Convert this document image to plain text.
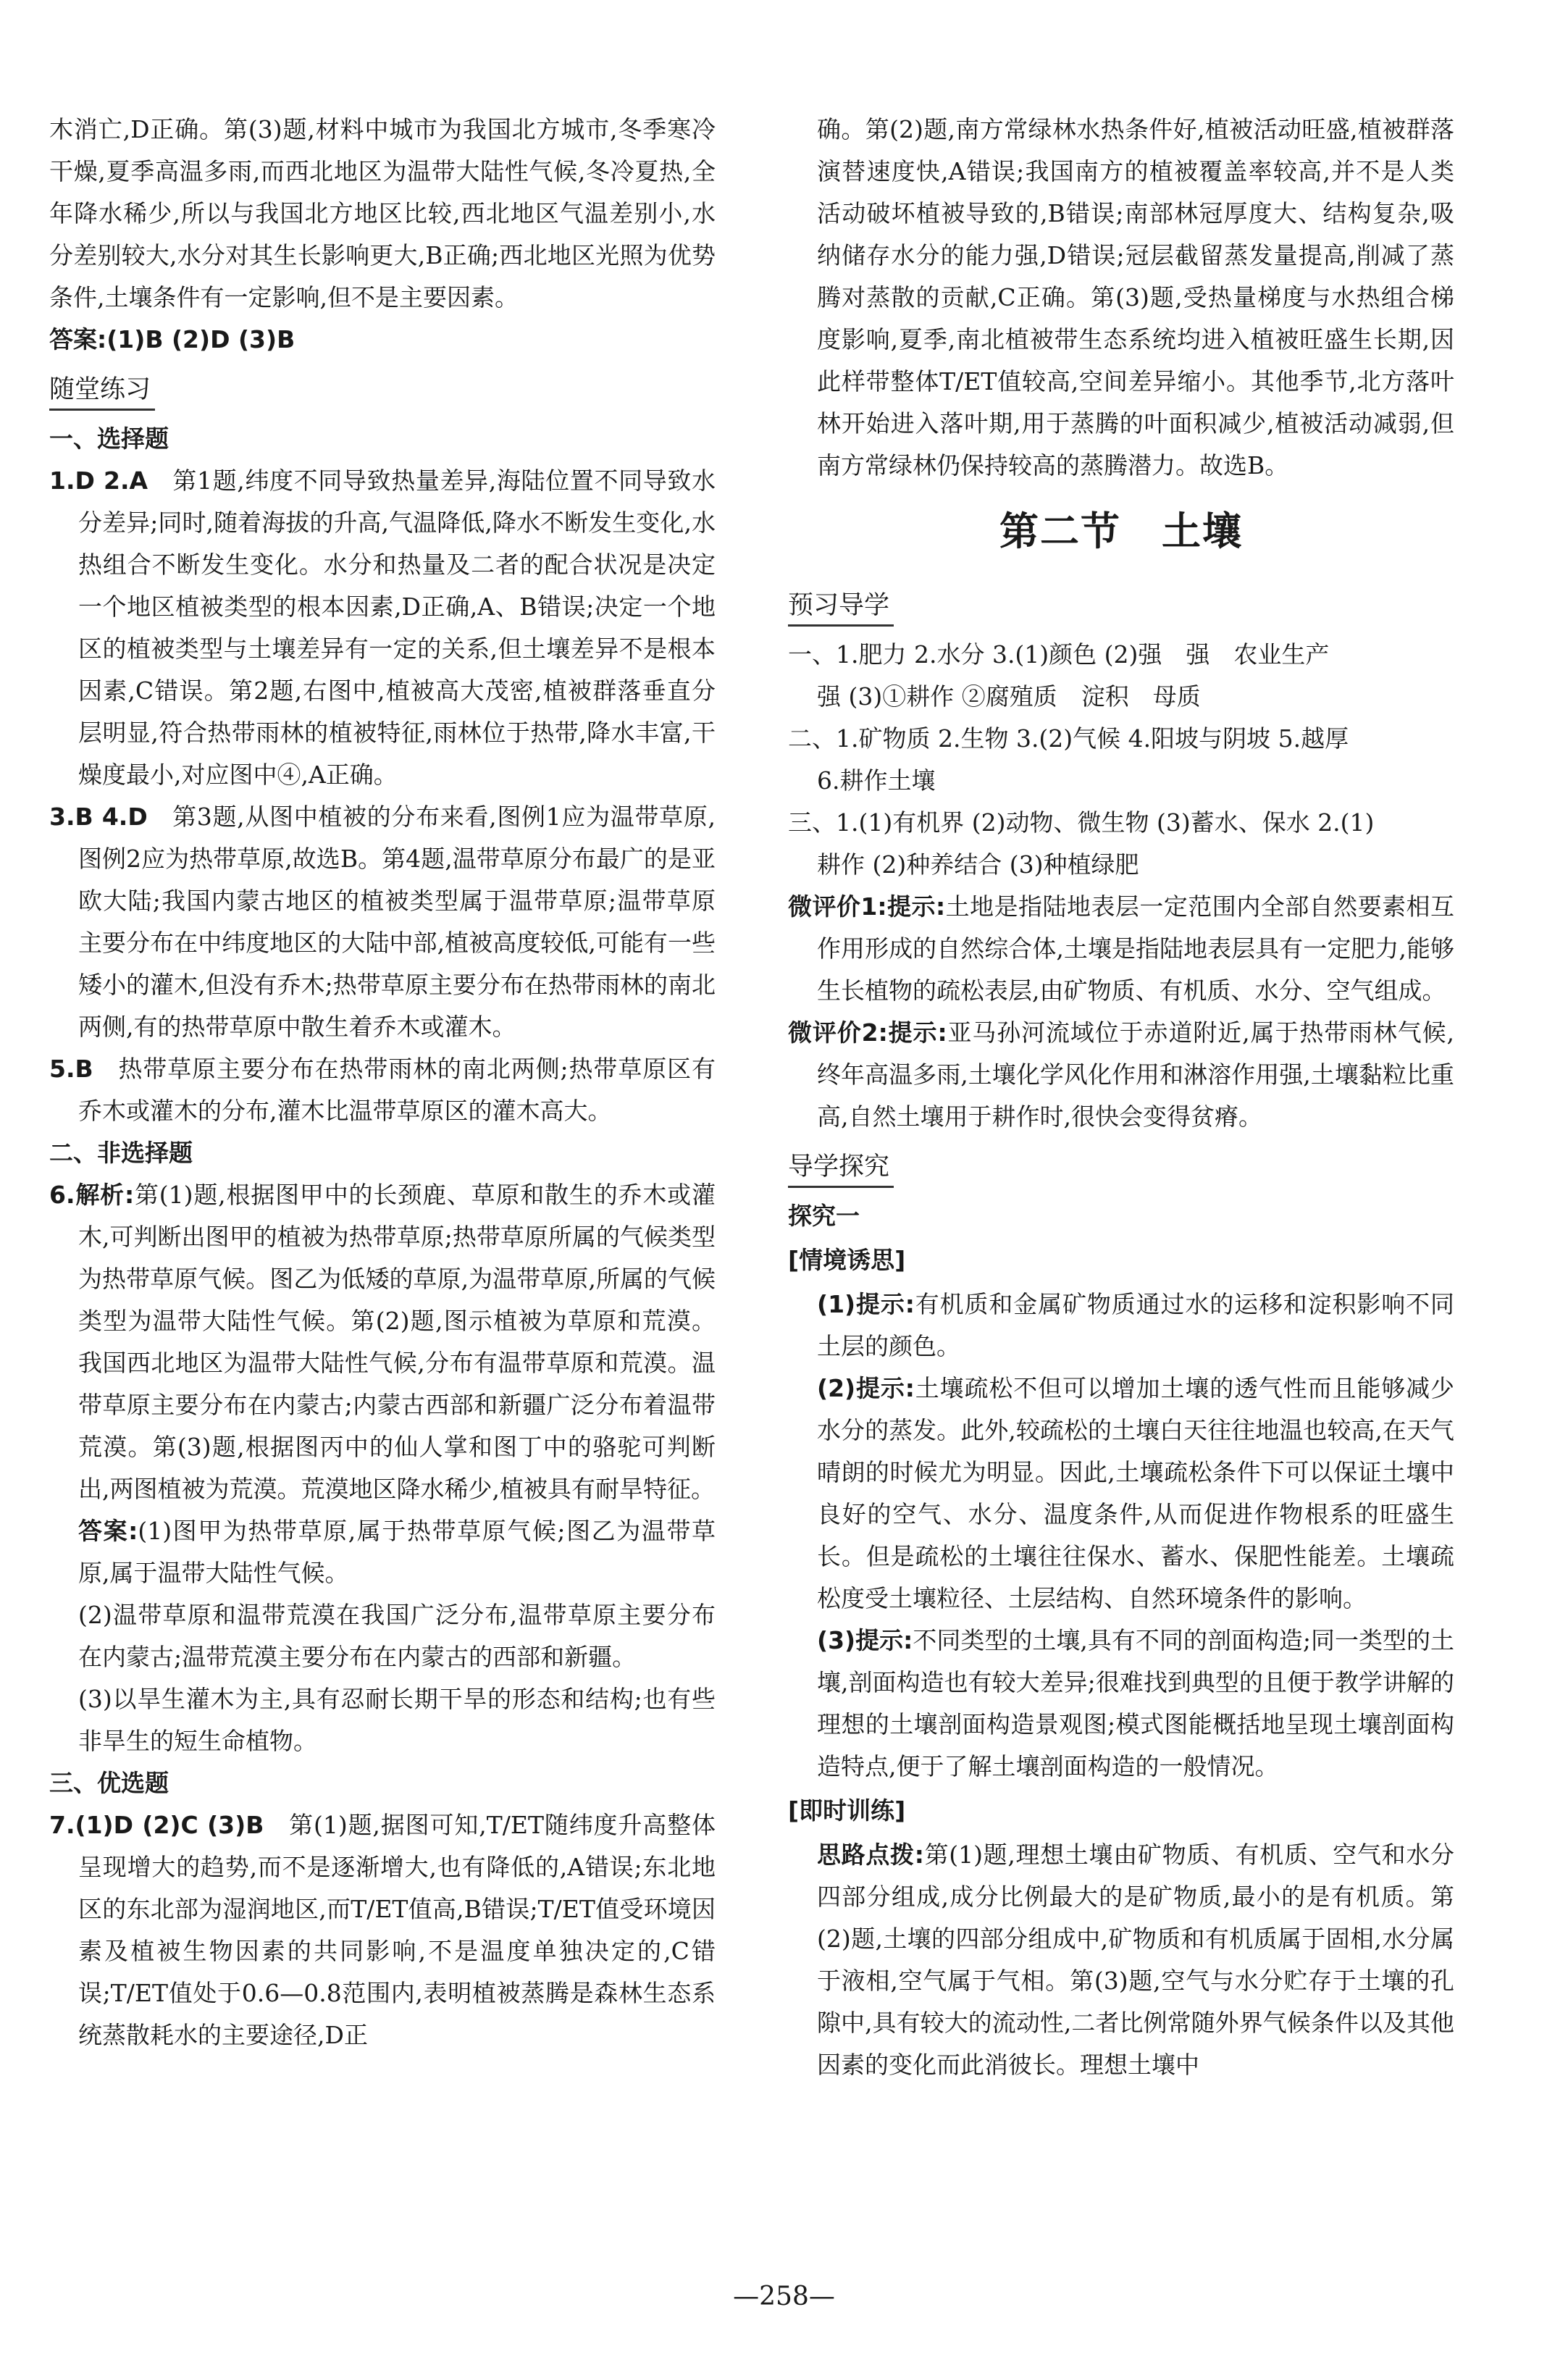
木消亡,D正确。第(3)题,材料中城市为我国北方城市,冬季寒冷干燥,夏季高温多雨,而西北地区为温带大陆性气候,冬冷夏热,全年降水稀少,所以与我国北方地区比较,西北地区气温差别小,水分差别较大,水分对其生长影响更大,B正确;西北地区光照为优势条件,土壤条件有一定影响,但不是主要因素。

答案:(1)B (2)D (3)B

随堂练习

一、选择题

1.D 2.A　 第1题,纬度不同导致热量差异,海陆位置不同导致水分差异;同时,随着海拔的升高,气温降低,降水不断发生变化,水热组合不断发生变化。水分和热量及二者的配合状况是决定一个地区植被类型的根本因素,D正确,A、B错误;决定一个地区的植被类型与土壤差异有一定的关系,但土壤差异不是根本因素,C错误。第2题,右图中,植被高大茂密,植被群落垂直分层明显,符合热带雨林的植被特征,雨林位于热带,降水丰富,干燥度最小,对应图中④,A正确。

3.B 4.D　 第3题,从图中植被的分布来看,图例1应为温带草原,图例2应为热带草原,故选B。第4题,温带草原分布最广的是亚欧大陆;我国内蒙古地区的植被类型属于温带草原;温带草原主要分布在中纬度地区的大陆中部,植被高度较低,可能有一些矮小的灌木,但没有乔木;热带草原主要分布在热带雨林的南北两侧,有的热带草原中散生着乔木或灌木。

5.B　 热带草原主要分布在热带雨林的南北两侧;热带草原区有乔木或灌木的分布,灌木比温带草原区的灌木高大。

二、非选择题

6.解析:第(1)题,根据图甲中的长颈鹿、草原和散生的乔木或灌木,可判断出图甲的植被为热带草原;热带草原所属的气候类型为热带草原气候。图乙为低矮的草原,为温带草原,所属的气候类型为温带大陆性气候。第(2)题,图示植被为草原和荒漠。我国西北地区为温带大陆性气候,分布有温带草原和荒漠。温带草原主要分布在内蒙古;内蒙古西部和新疆广泛分布着温带荒漠。第(3)题,根据图丙中的仙人掌和图丁中的骆驼可判断出,两图植被为荒漠。荒漠地区降水稀少,植被具有耐旱特征。

答案:(1)图甲为热带草原,属于热带草原气候;图乙为温带草原,属于温带大陆性气候。

(2)温带草原和温带荒漠在我国广泛分布,温带草原主要分布在内蒙古;温带荒漠主要分布在内蒙古的西部和新疆。

(3)以旱生灌木为主,具有忍耐长期干旱的形态和结构;也有些非旱生的短生命植物。

三、优选题

7.(1)D (2)C (3)B　 第(1)题,据图可知,T/ET随纬度升高整体呈现增大的趋势,而不是逐渐增大,也有降低的,A错误;东北地区的东北部为湿润地区,而T/ET值高,B错误;T/ET值受环境因素及植被生物因素的共同影响,不是温度单独决定的,C错误;T/ET值处于0.6—0.8范围内,表明植被蒸腾是森林生态系统蒸散耗水的主要途径,D正

确。第(2)题,南方常绿林水热条件好,植被活动旺盛,植被群落演替速度快,A错误;我国南方的植被覆盖率较高,并不是人类活动破坏植被导致的,B错误;南部林冠厚度大、结构复杂,吸纳储存水分的能力强,D错误;冠层截留蒸发量提高,削减了蒸腾对蒸散的贡献,C正确。第(3)题,受热量梯度与水热组合梯度影响,夏季,南北植被带生态系统均进入植被旺盛生长期,因此样带整体T/ET值较高,空间差异缩小。其他季节,北方落叶林开始进入落叶期,用于蒸腾的叶面积减少,植被活动减弱,但南方常绿林仍保持较高的蒸腾潜力。故选B。

第二节　土壤
预习导学

一、1.肥力 2.水分 3.(1)颜色 (2)强　强　农业生产

强 (3)①耕作 ②腐殖质　淀积　母质

二、1.矿物质 2.生物 3.(2)气候 4.阳坡与阴坡 5.越厚

6.耕作土壤

三、1.(1)有机界 (2)动物、微生物 (3)蓄水、保水 2.(1)

耕作 (2)种养结合 (3)种植绿肥

微评价1:提示:土地是指陆地表层一定范围内全部自然要素相互作用形成的自然综合体,土壤是指陆地表层具有一定肥力,能够生长植物的疏松表层,由矿物质、有机质、水分、空气组成。

微评价2:提示:亚马孙河流域位于赤道附近,属于热带雨林气候,终年高温多雨,土壤化学风化作用和淋溶作用强,土壤黏粒比重高,自然土壤用于耕作时,很快会变得贫瘠。

导学探究

探究一

[情境诱思]

(1)提示:有机质和金属矿物质通过水的运移和淀积影响不同土层的颜色。

(2)提示:土壤疏松不但可以增加土壤的透气性而且能够减少水分的蒸发。此外,较疏松的土壤白天往往地温也较高,在天气晴朗的时候尤为明显。因此,土壤疏松条件下可以保证土壤中良好的空气、水分、温度条件,从而促进作物根系的旺盛生长。但是疏松的土壤往往保水、蓄水、保肥性能差。土壤疏松度受土壤粒径、土层结构、自然环境条件的影响。

(3)提示:不同类型的土壤,具有不同的剖面构造;同一类型的土壤,剖面构造也有较大差异;很难找到典型的且便于教学讲解的理想的土壤剖面构造景观图;模式图能概括地呈现土壤剖面构造特点,便于了解土壤剖面构造的一般情况。

[即时训练]

思路点拨:第(1)题,理想土壤由矿物质、有机质、空气和水分四部分组成,成分比例最大的是矿物质,最小的是有机质。第(2)题,土壤的四部分组成中,矿物质和有机质属于固相,水分属于液相,空气属于气相。第(3)题,空气与水分贮存于土壤的孔隙中,具有较大的流动性,二者比例常随外界气候条件以及其他因素的变化而此消彼长。理想土壤中

—258—
